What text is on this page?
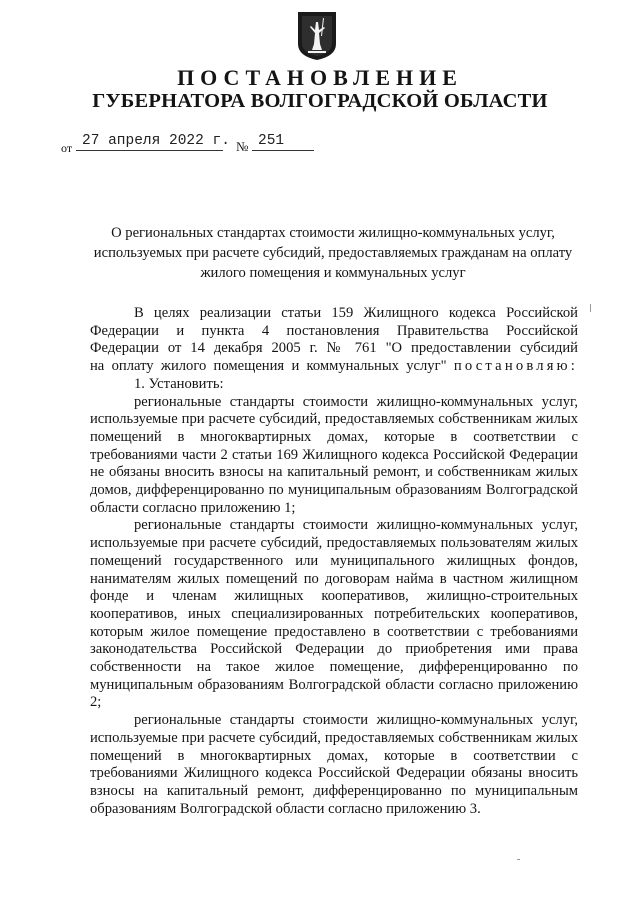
ПОСТАНОВЛЕНИЕ
ГУБЕРНАТОРА ВОЛГОГРАДСКОЙ ОБЛАСТИ
от 27 апреля 2022 г. № 251

О региональных стандартах стоимости жилищно-коммунальных услуг,

используемых при расчете субсидий, предоставляемых гражданам на оплату

жилого помещения и коммунальных услуг

В целях реализации статьи 159 Жилищного кодекса Российской

Федерации и пункта 4 постановления Правительства Российской

Федерации от 14 декабря 2005 г. № 761 "О предоставлении субсидий

на оплату жилого помещения и коммунальных услуг" постановляю:

1. Установить:

региональные стандарты стоимости жилищно-коммунальных услуг, используемые при расчете субсидий, предоставляемых собственникам жилых помещений в многоквартирных домах, которые в соответствии с требованиями части 2 статьи 169 Жилищного кодекса Российской Федерации не обязаны вносить взносы на капитальный ремонт, и собственникам жилых домов, дифференцированно по муниципальным образованиям Волгоградской области согласно приложению 1;

региональные стандарты стоимости жилищно-коммунальных услуг, используемые при расчете субсидий, предоставляемых пользователям жилых помещений государственного или муниципального жилищных фондов, нанимателям жилых помещений по договорам найма в частном жилищном фонде и членам жилищных кооперативов, жилищно-строительных кооперативов, иных специализированных потребительских кооперативов, которым жилое помещение предоставлено в соответствии с требованиями законодательства Российской Федерации до приобретения ими права собственности на такое жилое помещение, дифференцированно по муниципальным образованиям Волгоградской области согласно приложению 2;

региональные стандарты стоимости жилищно-коммунальных услуг, используемые при расчете субсидий, предоставляемых собственникам жилых помещений в многоквартирных домах, которые в соответствии с требованиями Жилищного кодекса Российской Федерации обязаны вносить взносы на капитальный ремонт, дифференцированно по муниципальным образованиям Волгоградской области согласно приложению 3.
